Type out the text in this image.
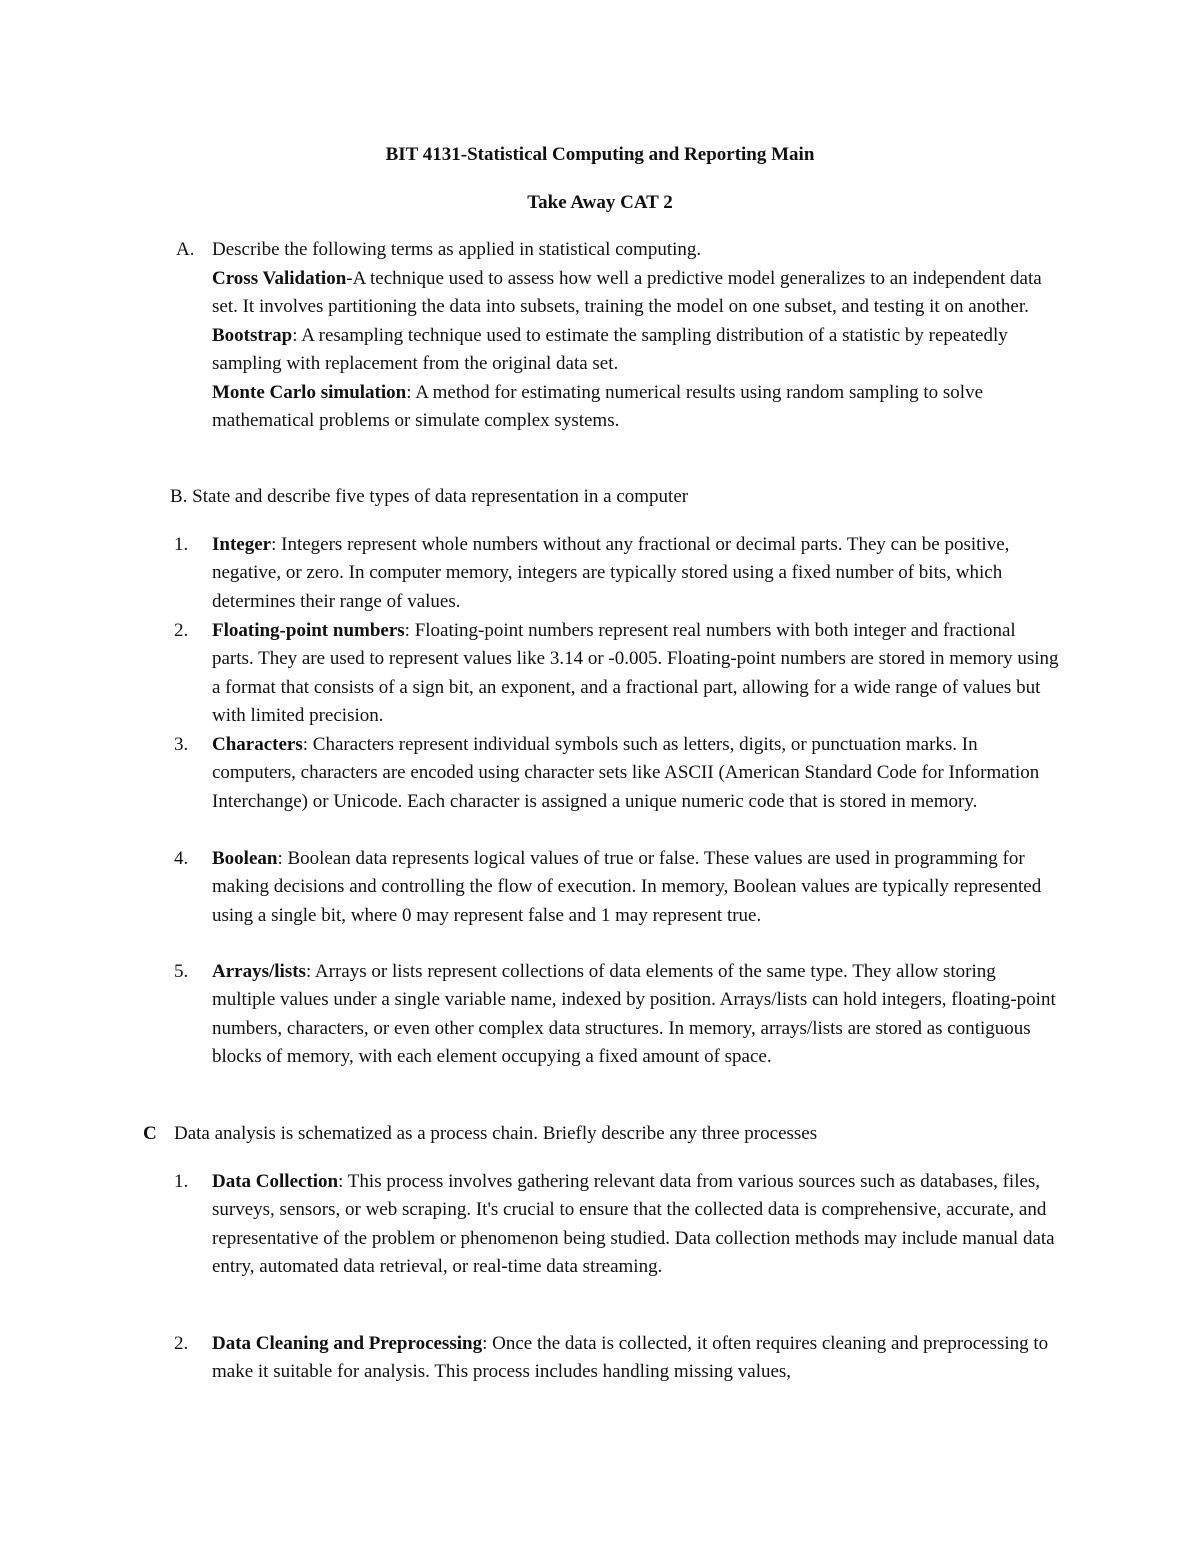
BIT 4131-Statistical Computing and Reporting Main
Take Away CAT 2
A. Describe the following terms as applied in statistical computing.
Cross Validation-A technique used to assess how well a predictive model generalizes to an independent data set. It involves partitioning the data into subsets, training the model on one subset, and testing it on another.
Bootstrap: A resampling technique used to estimate the sampling distribution of a statistic by repeatedly sampling with replacement from the original data set.
Monte Carlo simulation: A method for estimating numerical results using random sampling to solve mathematical problems or simulate complex systems.
B. State and describe five types of data representation in a computer
1. Integer: Integers represent whole numbers without any fractional or decimal parts. They can be positive, negative, or zero. In computer memory, integers are typically stored using a fixed number of bits, which determines their range of values.
2. Floating-point numbers: Floating-point numbers represent real numbers with both integer and fractional parts. They are used to represent values like 3.14 or -0.005. Floating-point numbers are stored in memory using a format that consists of a sign bit, an exponent, and a fractional part, allowing for a wide range of values but with limited precision.
3. Characters: Characters represent individual symbols such as letters, digits, or punctuation marks. In computers, characters are encoded using character sets like ASCII (American Standard Code for Information Interchange) or Unicode. Each character is assigned a unique numeric code that is stored in memory.
4. Boolean: Boolean data represents logical values of true or false. These values are used in programming for making decisions and controlling the flow of execution. In memory, Boolean values are typically represented using a single bit, where 0 may represent false and 1 may represent true.
5. Arrays/lists: Arrays or lists represent collections of data elements of the same type. They allow storing multiple values under a single variable name, indexed by position. Arrays/lists can hold integers, floating-point numbers, characters, or even other complex data structures. In memory, arrays/lists are stored as contiguous blocks of memory, with each element occupying a fixed amount of space.
C Data analysis is schematized as a process chain. Briefly describe any three processes
1. Data Collection: This process involves gathering relevant data from various sources such as databases, files, surveys, sensors, or web scraping. It's crucial to ensure that the collected data is comprehensive, accurate, and representative of the problem or phenomenon being studied. Data collection methods may include manual data entry, automated data retrieval, or real-time data streaming.
2. Data Cleaning and Preprocessing: Once the data is collected, it often requires cleaning and preprocessing to make it suitable for analysis. This process includes handling missing values,
